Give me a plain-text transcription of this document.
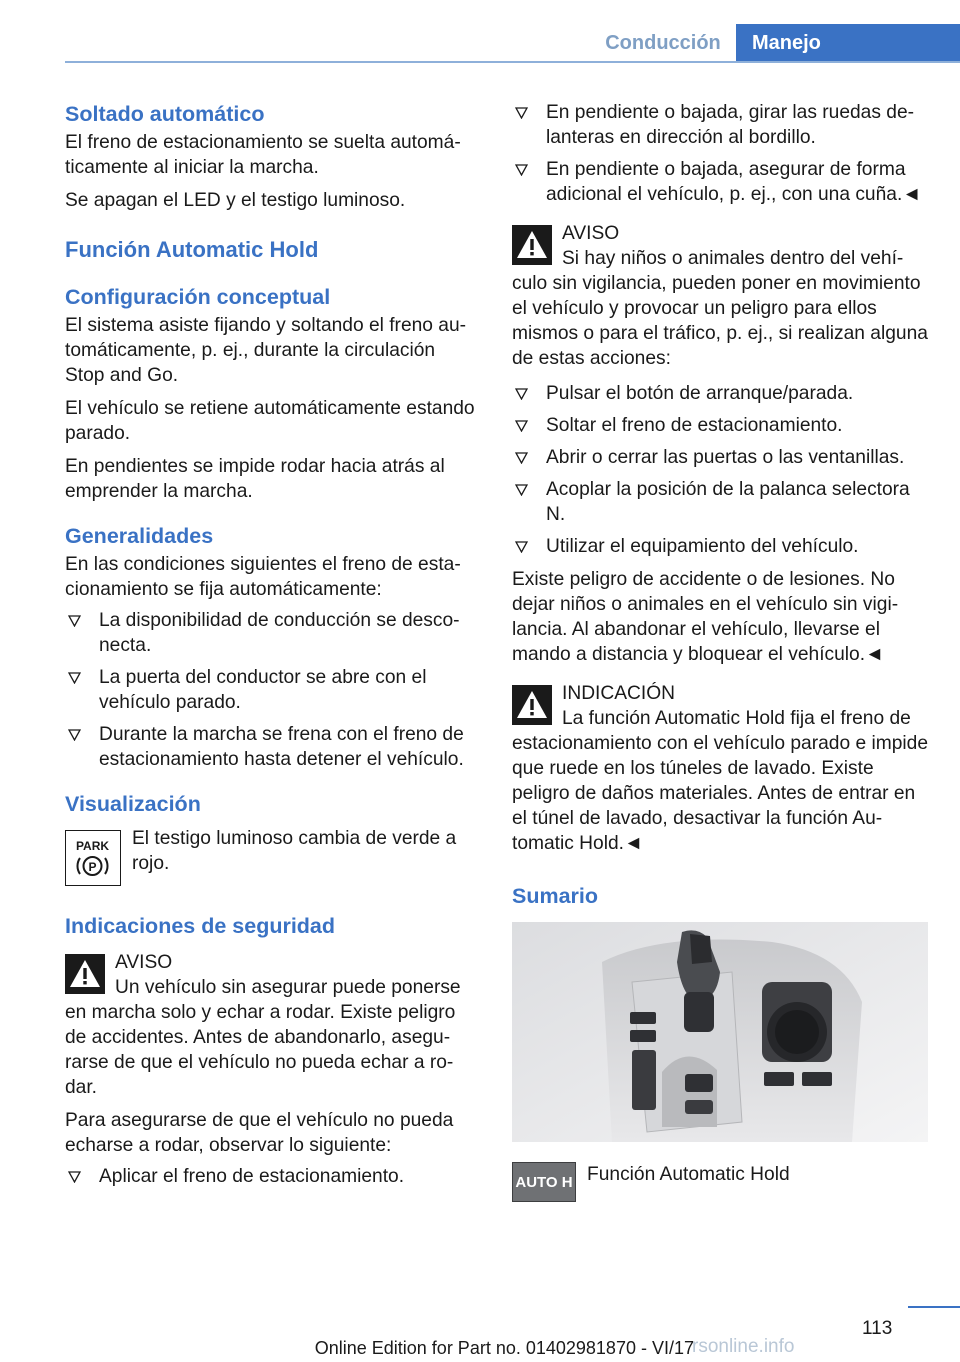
Conducción	Manejo
Soltado automático

El freno de estacionamiento se suelta automáticamente al iniciar la marcha.

Se apagan el LED y el testigo luminoso.

Función Automatic Hold
Configuración conceptual

El sistema asiste fijando y soltando el freno automáticamente, p. ej., durante la circulación Stop and Go.

El vehículo se retiene automáticamente estando parado.

En pendientes se impide rodar hacia atrás al emprender la marcha.

Generalidades

En las condiciones siguientes el freno de estacionamiento se fija automáticamente:

La disponibilidad de conducción se desconecta.
La puerta del conductor se abre con el vehículo parado.
Durante la marcha se frena con el freno de estacionamiento hasta detener el vehículo.
Visualización
PARK
P

El testigo luminoso cambia de verde a rojo.

Indicaciones de seguridad
AVISO

Un vehículo sin asegurar puede ponerse en marcha solo y echar a rodar. Existe peligro de accidentes. Antes de abandonarlo, asegurarse de que el vehículo no pueda echar a rodar.

Para asegurarse de que el vehículo no pueda echarse a rodar, observar lo siguiente:

Aplicar el freno de estacionamiento.
En pendiente o bajada, girar las ruedas delanteras en dirección al bordillo.
En pendiente o bajada, asegurar de forma adicional el vehículo, p. ej., con una cuña.◄
AVISO

Si hay niños o animales dentro del vehículo sin vigilancia, pueden poner en movimiento el vehículo y provocar un peligro para ellos mismos o para el tráfico, p. ej., si realizan alguna de estas acciones:

Pulsar el botón de arranque/parada.
Soltar el freno de estacionamiento.
Abrir o cerrar las puertas o las ventanillas.
Acoplar la posición de la palanca selectora N.
Utilizar el equipamiento del vehículo.

Existe peligro de accidente o de lesiones. No dejar niños o animales en el vehículo sin vigilancia. Al abandonar el vehículo, llevarse el mando a distancia y bloquear el vehículo.◄

INDICACIÓN

La función Automatic Hold fija el freno de estacionamiento con el vehículo parado e impide que ruede en los túneles de lavado. Existe peligro de daños materiales. Antes de entrar en el túnel de lavado, desactivar la función Automatic Hold.◄

Sumario
AUTO H Función Automatic Hold

113
Online Edition for Part no. 01402981870 - VI/17
rsonline.info
